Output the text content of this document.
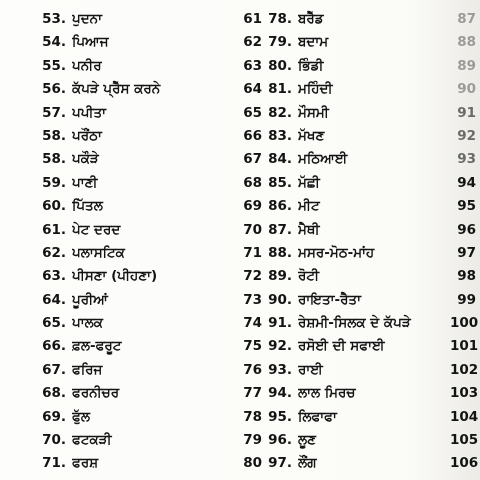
53. ਪੁਦਨਾ	61
54. ਪਿਆਜ	62
55. ਪਨੀਰ	63
56. ਕੱਪੜੇ ਪ੍ਰੈੱਸ ਕਰਨੇ	64
57. ਪਪੀਤਾ	65
58. ਪਰੌਂਠਾ	66
58. ਪਕੌੜੇ	67
59. ਪਾਣੀ	68
60. ਪਿੱਤਲ	69
61. ਪੇਟ ਦਰਦ	70
62. ਪਲਾਸਟਿਕ	71
63. ਪੀਸਣਾ (ਪੀਹਣਾ)	72
64. ਪੂਰੀਆਂ	73
65. ਪਾਲਕ	74
66. ਫ਼ਲ-ਫਰੂਟ	75
67. ਫਰਿਜ	76
68. ਫਰਨੀਚਰ	77
69. ਫੁੱਲ	78
70. ਫਟਕੜੀ	79
71. ਫਰਸ਼	80
78. ਬਰੈੱਡ	87
79. ਬਦਾਮ	88
80. ਭਿੰਡੀ	89
81. ਮਹਿੰਦੀ	90
82. ਮੌਸਮੀ	91
83. ਮੱਖਣ	92
84. ਮਠਿਆਈ	93
85. ਮੱਛੀ	94
86. ਮੀਟ	95
87. ਮੈਥੀ	96
88. ਮਸਰ-ਮੋਠ-ਮਾਂਹ	97
89. ਰੋਟੀ	98
90. ਰਾਇਤਾ-ਰੈਤਾ	99
91. ਰੇਸ਼ਮੀ-ਸਿਲਕ ਦੇ ਕੱਪੜੇ	100
92. ਰਸੋਈ ਦੀ ਸਫਾਈ	101
93. ਰਾਈ	102
94. ਲਾਲ ਮਿਰਚ	103
95. ਲਿਫਾਫਾ	104
96. ਲੂਣ	105
97. ਲੌਂਗ	106
